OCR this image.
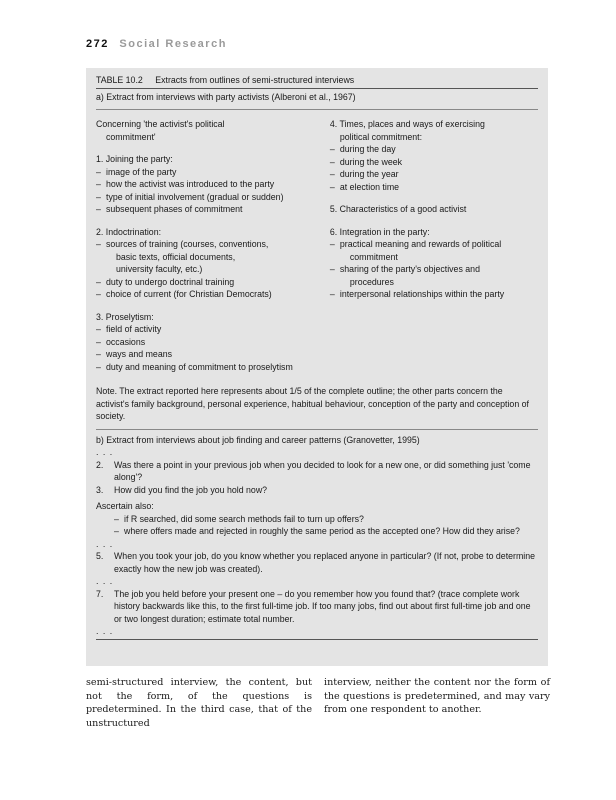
272 Social Research
TABLE 10.2 Extracts from outlines of semi-structured interviews
a) Extract from interviews with party activists (Alberoni et al., 1967)
Concerning 'the activist's political
commitment'
1. Joining the party:
– image of the party
– how the activist was introduced to the party
– type of initial involvement (gradual or sudden)
– subsequent phases of commitment
2. Indoctrination:
– sources of training (courses, conventions,
basic texts, official documents,
university faculty, etc.)
– duty to undergo doctrinal training
– choice of current (for Christian Democrats)
3. Proselytism:
– field of activity
– occasions
– ways and means
– duty and meaning of commitment to proselytism
4. Times, places and ways of exercising
political commitment:
– during the day
– during the week
– during the year
– at election time
5. Characteristics of a good activist
6. Integration in the party:
– practical meaning and rewards of political
commitment
– sharing of the party's objectives and
procedures
– interpersonal relationships within the party
Note. The extract reported here represents about 1/5 of the complete outline; the other parts concern the activist's family background, personal experience, habitual behaviour, conception of the party and conception of society.
b) Extract from interviews about job finding and career patterns (Granovetter, 1995)
. . .
2. Was there a point in your previous job when you decided to look for a new one, or did something just 'come along'?
3. How did you find the job you hold now?
Ascertain also:
– if R searched, did some search methods fail to turn up offers?
– where offers made and rejected in roughly the same period as the accepted one? How did they arise?
. . .
5. When you took your job, do you know whether you replaced anyone in particular? (If not, probe to determine exactly how the new job was created).
. . .
7. The job you held before your present one – do you remember how you found that? (trace complete work history backwards like this, to the first full-time job. If too many jobs, find out about first full-time job and one or two longest duration; estimate total number.
. . .
semi-structured interview, the content, but not the form, of the questions is predetermined. In the third case, that of the unstructured
interview, neither the content nor the form of the questions is predetermined, and may vary from one respondent to another.
